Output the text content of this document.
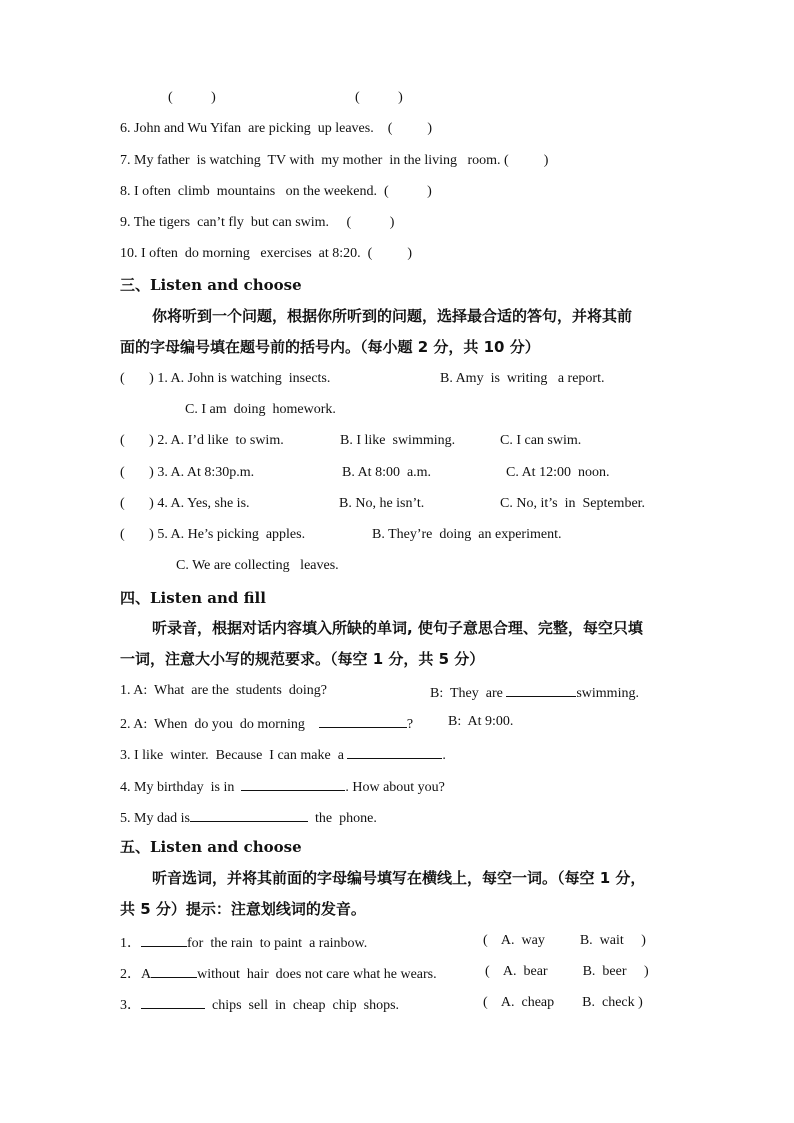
(           )	(           )
6. John and Wu Yifan  are picking  up leaves.    (          )
7. My father  is watching  TV with  my mother  in the living   room. (          )
8. I often  climb  mountains   on the weekend.  (           )
9. The tigers  can’t fly  but can swim.     (           )
10. I often  do morning   exercises  at 8:20.  (          )
三、Listen and choose
你将听到一个问题，根据你所听到的问题，选择最合适的答句，并将其前
面的字母编号填在题号前的括号内。（每小题 2 分，共 10 分）
(       ) 1. A. John is watching  insects.	B. Amy  is  writing   a report.
C. I am  doing  homework.
(       ) 2. A. I’d like  to swim.	B. I like  swimming.	C. I can swim.
(       ) 3. A. At 8:30p.m.	B. At 8:00  a.m.	C. At 12:00  noon.
(       ) 4. A. Yes, she is.	B. No, he isn’t.	C. No, it’s  in  September.
(       ) 5. A. He’s picking  apples.	B. They’re  doing  an experiment.
C. We are collecting   leaves.
四、Listen and fill
听录音，根据对话内容填入所缺的单词, 使句子意思合理、完整，每空只填
一词，注意大小写的规范要求。（每空 1 分，共 5 分）
1. A:  What  are the  students  doing?	B:  They  are	swimming.
2. A:  When  do you  do morning	? B:  At 9:00.
3. I like  winter.  Because  I can make  a	.
4. My birthday  is in	. How about you?
5. My dad is	the  phone.
五、Listen and choose
听音选词，并将其前面的字母编号填写在横线上，每空一词。（每空 1 分，
共 5 分）提示：注意划线词的发音。
1．	for  the rain  to paint  a rainbow.	(    A.  way          B.  wait     )
2．A	without  hair  does not care what he wears.	(    A.  bear          B.  beer     )
3．	chips  sell  in  cheap  chip  shops.	(    A.  cheap        B.  check )
